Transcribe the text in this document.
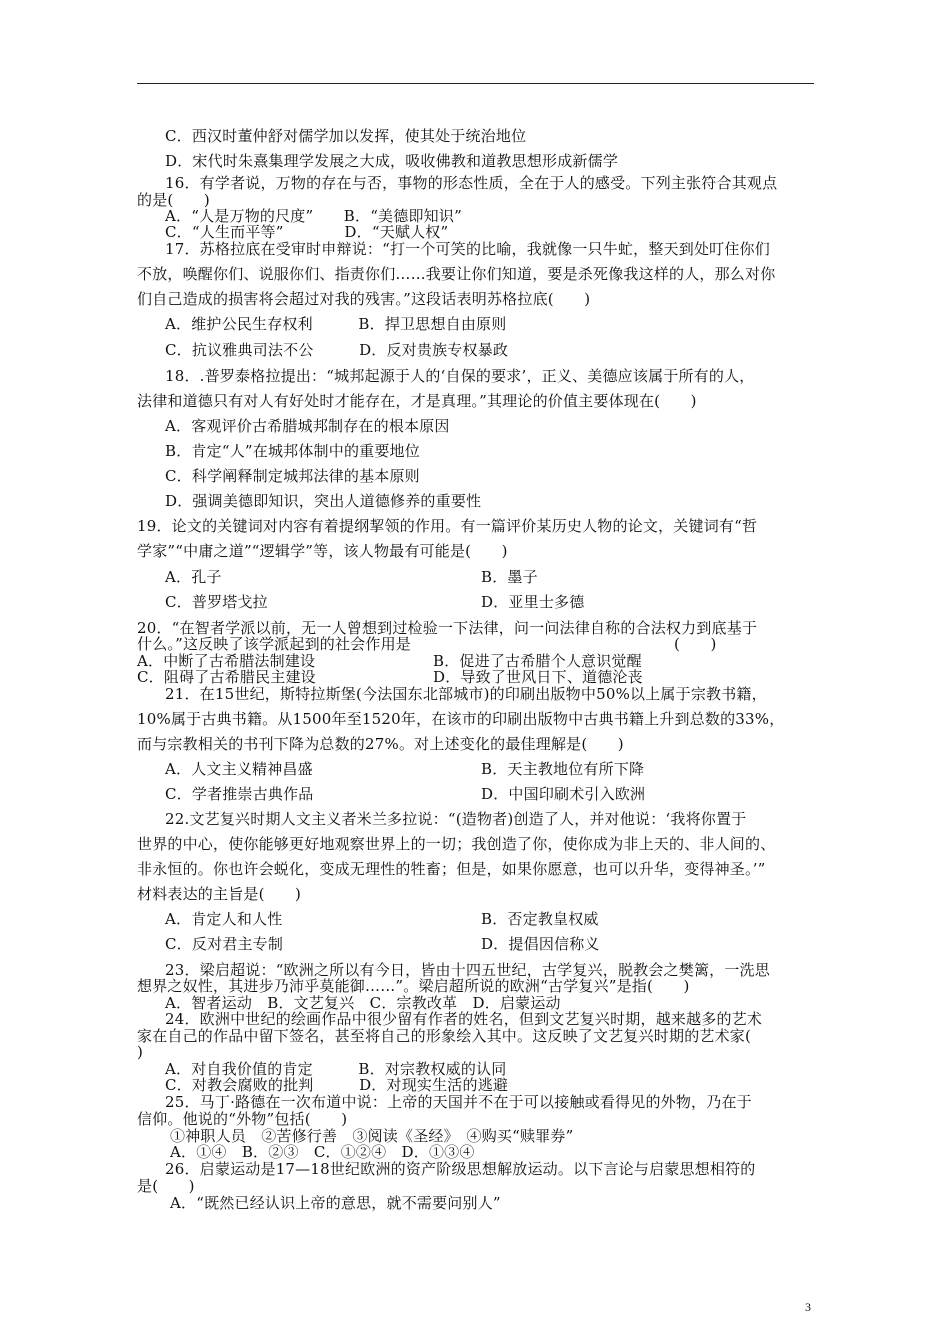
C．西汉时董仲舒对儒学加以发挥，使其处于统治地位
D．宋代时朱熹集理学发展之大成，吸收佛教和道教思想形成新儒学
16．有学者说，万物的存在与否，事物的形态性质，全在于人的感受。下列主张符合其观点
的是(　　)
A．“人是万物的尺度”　　B．“美德即知识”
C．“人生而平等”　　　　D．“天赋人权”
17．苏格拉底在受审时申辩说：“打一个可笑的比喻，我就像一只牛虻，整天到处叮住你们
不放，唤醒你们、说服你们、指责你们……我要让你们知道，要是杀死像我这样的人，那么对你
们自己造成的损害将会超过对我的残害。”这段话表明苏格拉底(　　)
A．维护公民生存权利　　　B．捍卫思想自由原则
C．抗议雅典司法不公　　　D．反对贵族专权暴政
18．.普罗泰格拉提出：“城邦起源于人的‘自保的要求’，正义、美德应该属于所有的人，
法律和道德只有对人有好处时才能存在，才是真理。”其理论的价值主要体现在(　　)
A．客观评价古希腊城邦制存在的根本原因
B．肯定“人”在城邦体制中的重要地位
C．科学阐释制定城邦法律的基本原则
D．强调美德即知识，突出人道德修养的重要性
19．论文的关键词对内容有着提纲挈领的作用。有一篇评价某历史人物的论文，关键词有“哲
学家”“中庸之道”“逻辑学”等，该人物最有可能是(　　)
A．孔子	B．墨子
C．普罗塔戈拉	D．亚里士多德
20．“在智者学派以前，无一人曾想到过检验一下法律，问一问法律自称的合法权力到底基于
什么。”这反映了该学派起到的社会作用是	(　　)
A．中断了古希腊法制建设	B．促进了古希腊个人意识觉醒
C．阻碍了古希腊民主建设	D．导致了世风日下、道德沦丧
21．在15世纪，斯特拉斯堡(今法国东北部城市)的印刷出版物中50%以上属于宗教书籍，
10%属于古典书籍。从1500年至1520年，在该市的印刷出版物中古典书籍上升到总数的33%，
而与宗教相关的书刊下降为总数的27%。对上述变化的最佳理解是(　　)
A．人文主义精神昌盛	B．天主教地位有所下降
C．学者推崇古典作品	D．中国印刷术引入欧洲
22.文艺复兴时期人文主义者米兰多拉说：“(造物者)创造了人，并对他说：‘我将你置于
世界的中心，使你能够更好地观察世界上的一切；我创造了你，使你成为非上天的、非人间的、
非永恒的。你也许会蜕化，变成无理性的牲畜；但是，如果你愿意，也可以升华，变得神圣。’”
材料表达的主旨是(　　)
A．肯定人和人性	B．否定教皇权威
C．反对君主专制	D．提倡因信称义
23．梁启超说：“欧洲之所以有今日，皆由十四五世纪，古学复兴，脱教会之樊篱，一洗思
想界之奴性，其进步乃沛乎莫能御……”。梁启超所说的欧洲“古学复兴”是指(　　)
A．智者运动　B．文艺复兴　C．宗教改革　D．启蒙运动
24．欧洲中世纪的绘画作品中很少留有作者的姓名，但到文艺复兴时期，越来越多的艺术
家在自己的作品中留下签名，甚至将自己的形象绘入其中。这反映了文艺复兴时期的艺术家(
)
A．对自我价值的肯定　　　B．对宗教权威的认同
C．对教会腐败的批判　　　D．对现实生活的逃避
25．马丁·路德在一次布道中说：上帝的天国并不在于可以接触或看得见的外物，乃在于
信仰。他说的“外物”包括(　　)
①神职人员　②苦修行善　③阅读《圣经》　④购买“赎罪券”
A．①④　B．②③　C．①②④　D．①③④
26．启蒙运动是17—18世纪欧洲的资产阶级思想解放运动。以下言论与启蒙思想相符的
是(　　)
A．“既然已经认识上帝的意思，就不需要问别人”
3
